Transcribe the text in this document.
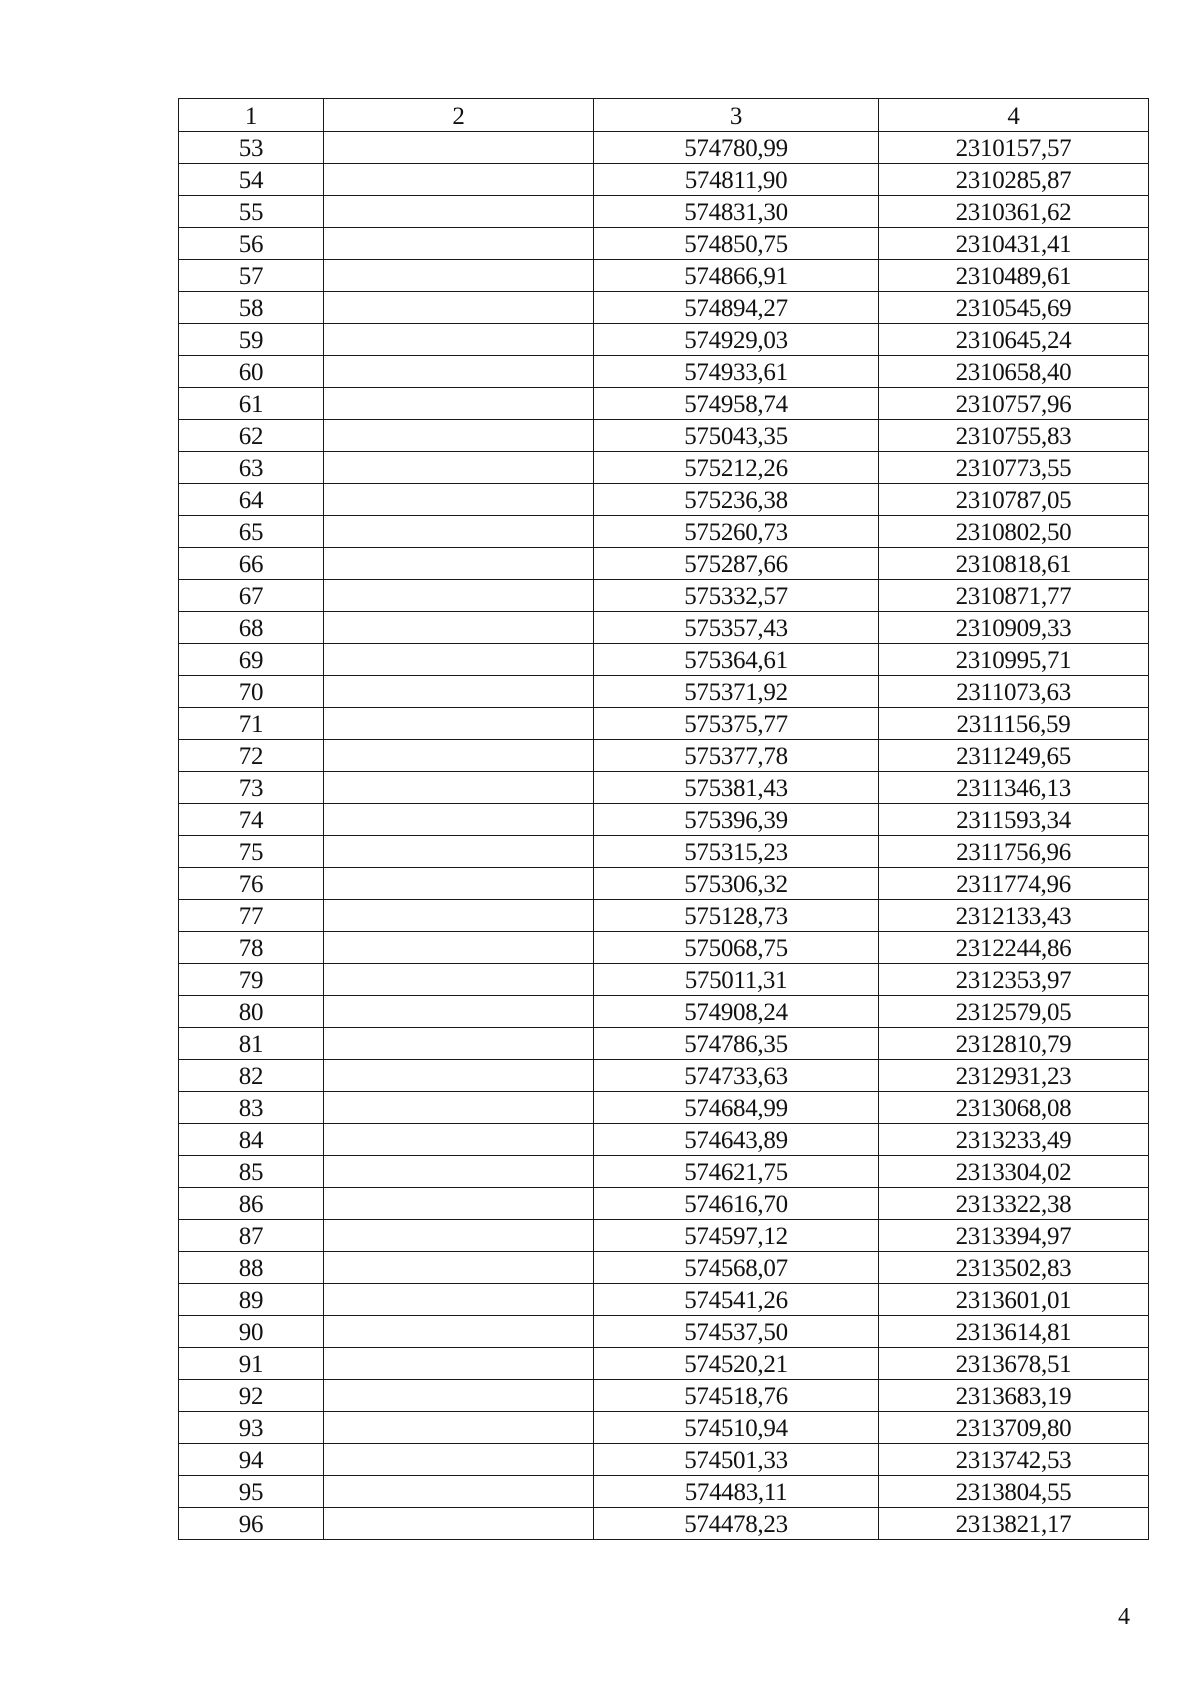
1	2	3	4
53		574780,99	2310157,57
54		574811,90	2310285,87
55		574831,30	2310361,62
56		574850,75	2310431,41
57		574866,91	2310489,61
58		574894,27	2310545,69
59		574929,03	2310645,24
60		574933,61	2310658,40
61		574958,74	2310757,96
62		575043,35	2310755,83
63		575212,26	2310773,55
64		575236,38	2310787,05
65		575260,73	2310802,50
66		575287,66	2310818,61
67		575332,57	2310871,77
68		575357,43	2310909,33
69		575364,61	2310995,71
70		575371,92	2311073,63
71		575375,77	2311156,59
72		575377,78	2311249,65
73		575381,43	2311346,13
74		575396,39	2311593,34
75		575315,23	2311756,96
76		575306,32	2311774,96
77		575128,73	2312133,43
78		575068,75	2312244,86
79		575011,31	2312353,97
80		574908,24	2312579,05
81		574786,35	2312810,79
82		574733,63	2312931,23
83		574684,99	2313068,08
84		574643,89	2313233,49
85		574621,75	2313304,02
86		574616,70	2313322,38
87		574597,12	2313394,97
88		574568,07	2313502,83
89		574541,26	2313601,01
90		574537,50	2313614,81
91		574520,21	2313678,51
92		574518,76	2313683,19
93		574510,94	2313709,80
94		574501,33	2313742,53
95		574483,11	2313804,55
96		574478,23	2313821,17
4
